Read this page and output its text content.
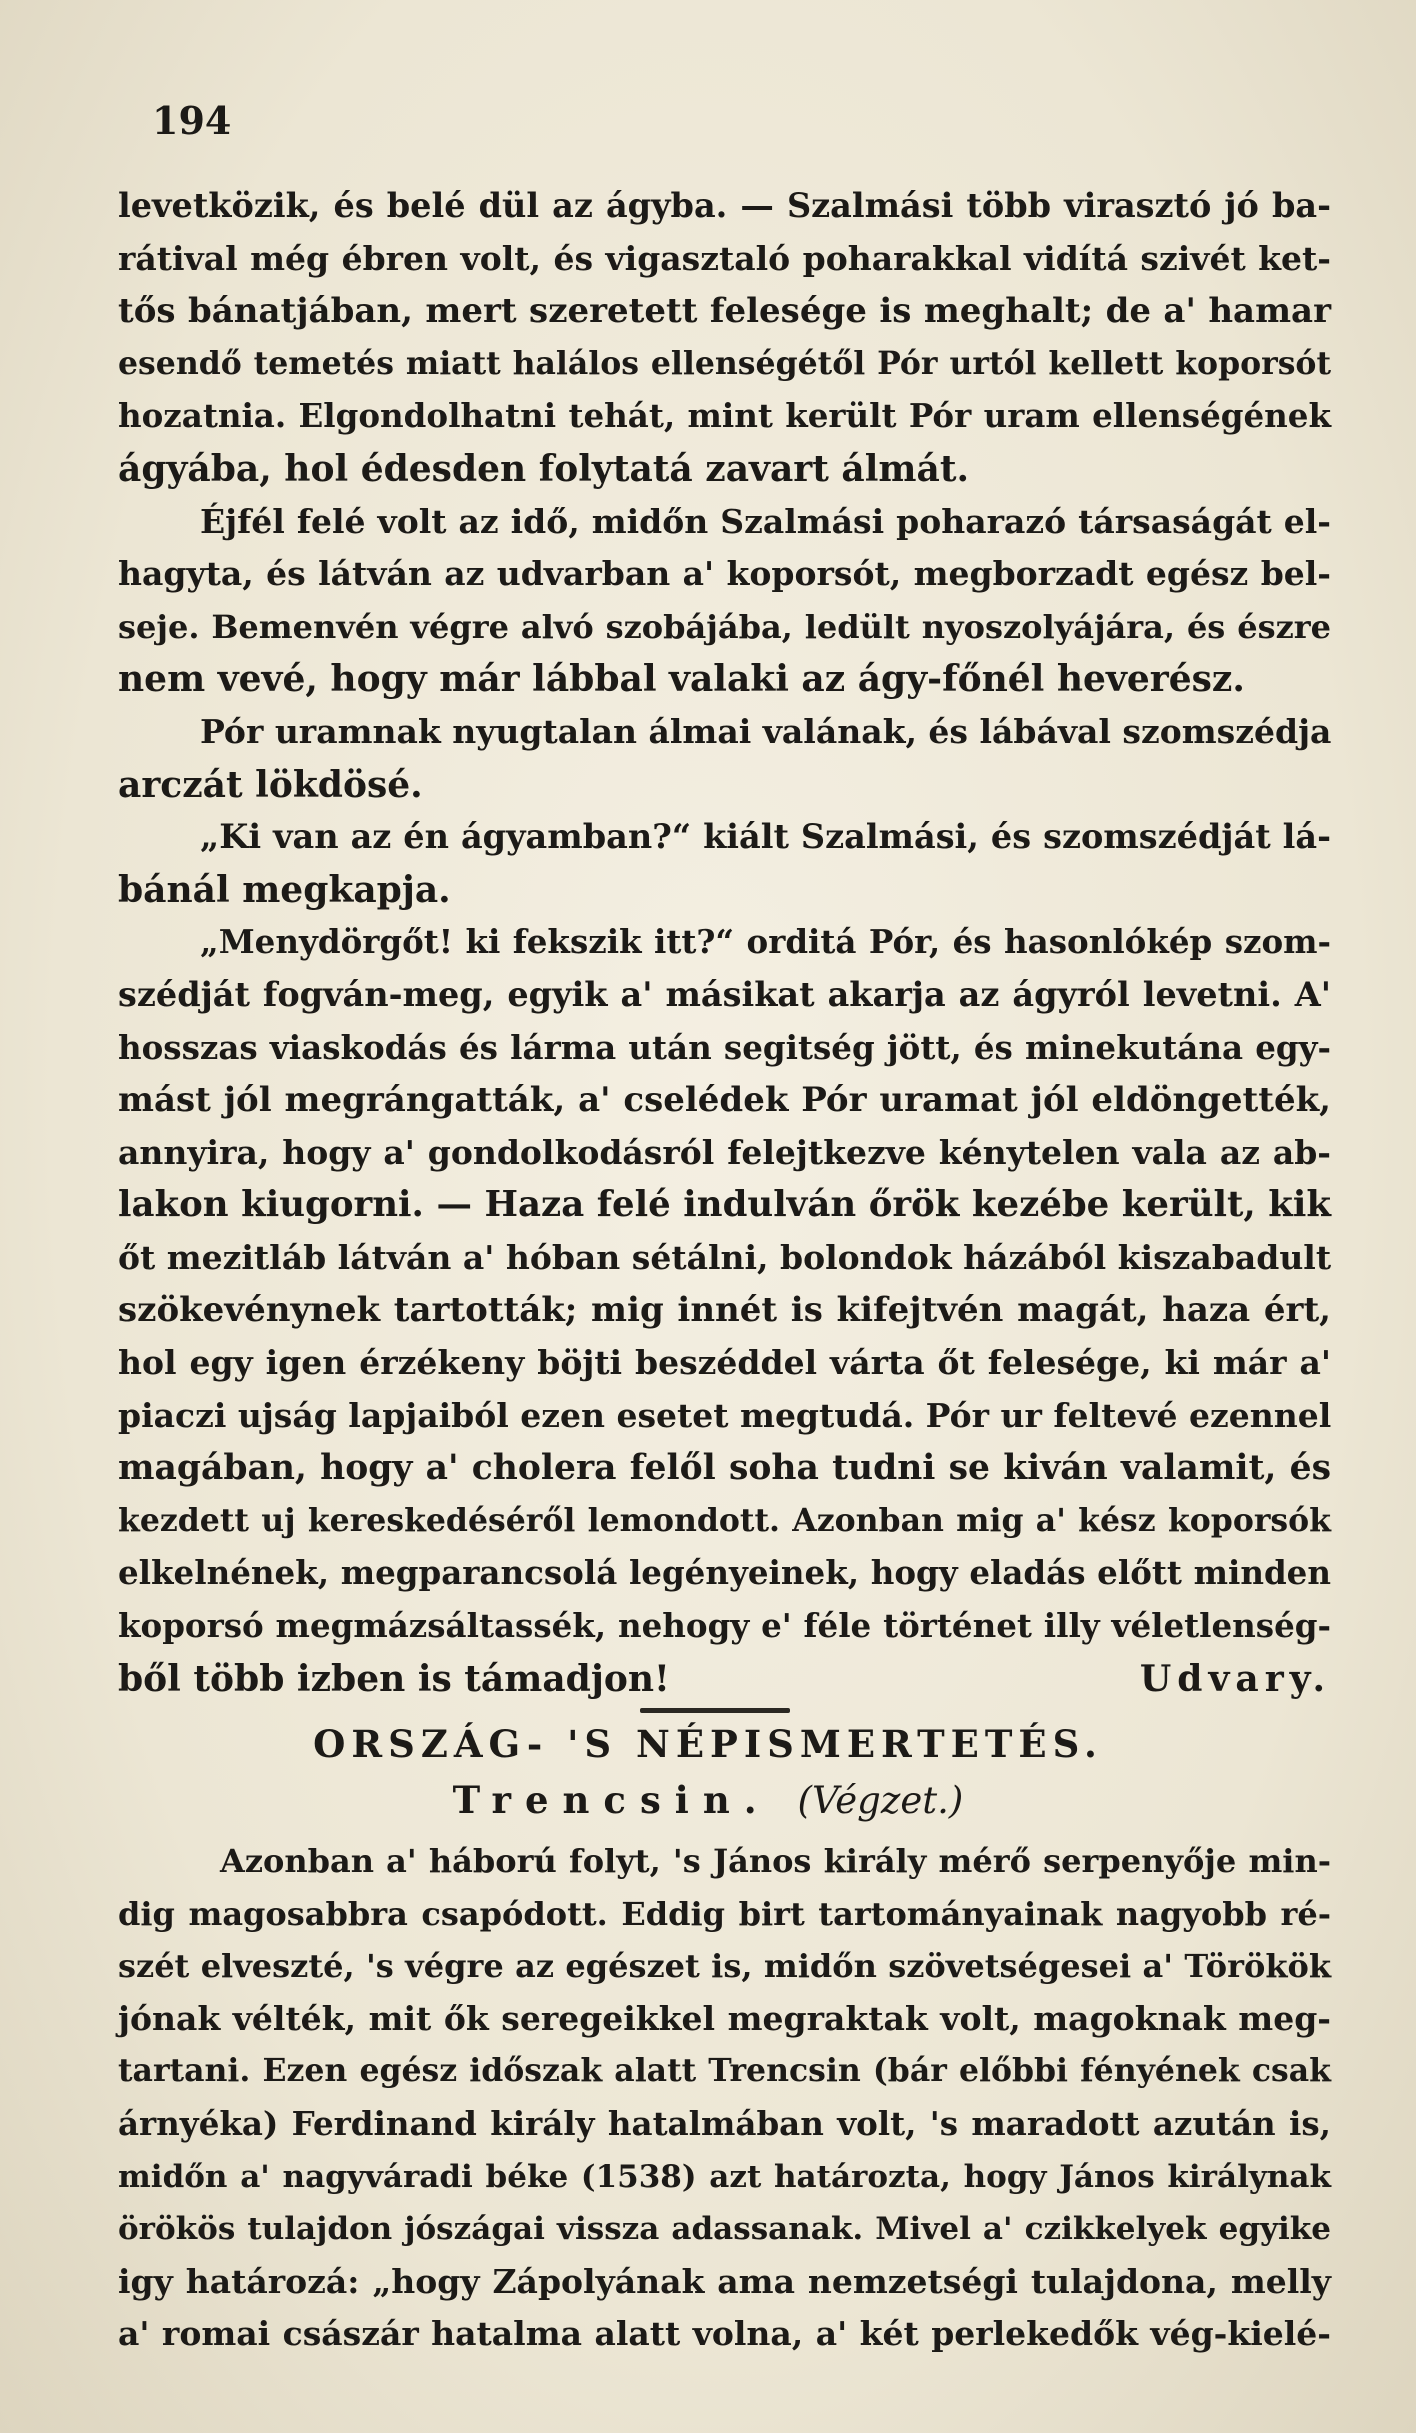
194
levetközik, és belé dül az ágyba. — Szalmási több virasztó jó ba-
rátival még ébren volt, és vigasztaló poharakkal vidítá szivét ket-
tős bánatjában, mert szeretett felesége is meghalt; de a' hamar
esendő temetés miatt halálos ellenségétől Pór urtól kellett koporsót
hozatnia. Elgondolhatni tehát, mint került Pór uram ellenségének
ágyába, hol édesden folytatá zavart álmát.
Éjfél felé volt az idő, midőn Szalmási poharazó társaságát el-
hagyta, és látván az udvarban a' koporsót, megborzadt egész bel-
seje. Bemenvén végre alvó szobájába, ledült nyoszolyájára, és észre
nem vevé, hogy már lábbal valaki az ágy-főnél heverész.
Pór uramnak nyugtalan álmai valának, és lábával szomszédja
arczát lökdösé.
„Ki van az én ágyamban?“ kiált Szalmási, és szomszédját lá-
bánál megkapja.
„Menydörgőt! ki fekszik itt?“ orditá Pór, és hasonlókép szom-
szédját fogván-meg, egyik a' másikat akarja az ágyról levetni. A'
hosszas viaskodás és lárma után segitség jött, és minekutána egy-
mást jól megrángatták, a' cselédek Pór uramat jól eldöngették,
annyira, hogy a' gondolkodásról felejtkezve kénytelen vala az ab-
lakon kiugorni. — Haza felé indulván őrök kezébe került, kik
őt mezitláb látván a' hóban sétálni, bolondok házából kiszabadult
szökevénynek tartották; mig innét is kifejtvén magát, haza ért,
hol egy igen érzékeny böjti beszéddel várta őt felesége, ki már a'
piaczi ujság lapjaiból ezen esetet megtudá. Pór ur feltevé ezennel
magában, hogy a' cholera felől soha tudni se kiván valamit, és
kezdett uj kereskedéséről lemondott. Azonban mig a' kész koporsók
elkelnének, megparancsolá legényeinek, hogy eladás előtt minden
koporsó megmázsáltassék, nehogy e' féle történet illy véletlenség-
ből több izben is támadjon!	Udvary.
ORSZÁG- 'S NÉPISMERTETÉS.
Trencsin. (Végzet.)
Azonban a' háború folyt, 's János király mérő serpenyője min-
dig magosabbra csapódott. Eddig birt tartományainak nagyobb ré-
szét elveszté, 's végre az egészet is, midőn szövetségesei a' Törökök
jónak vélték, mit ők seregeikkel megraktak volt, magoknak meg-
tartani. Ezen egész időszak alatt Trencsin (bár előbbi fényének csak
árnyéka) Ferdinand király hatalmában volt, 's maradott azután is,
midőn a' nagyváradi béke (1538) azt határozta, hogy János királynak
örökös tulajdon jószágai vissza adassanak. Mivel a' czikkelyek egyike
igy határozá: „hogy Zápolyának ama nemzetségi tulajdona, melly
a' romai császár hatalma alatt volna, a' két perlekedők vég-kielé-
